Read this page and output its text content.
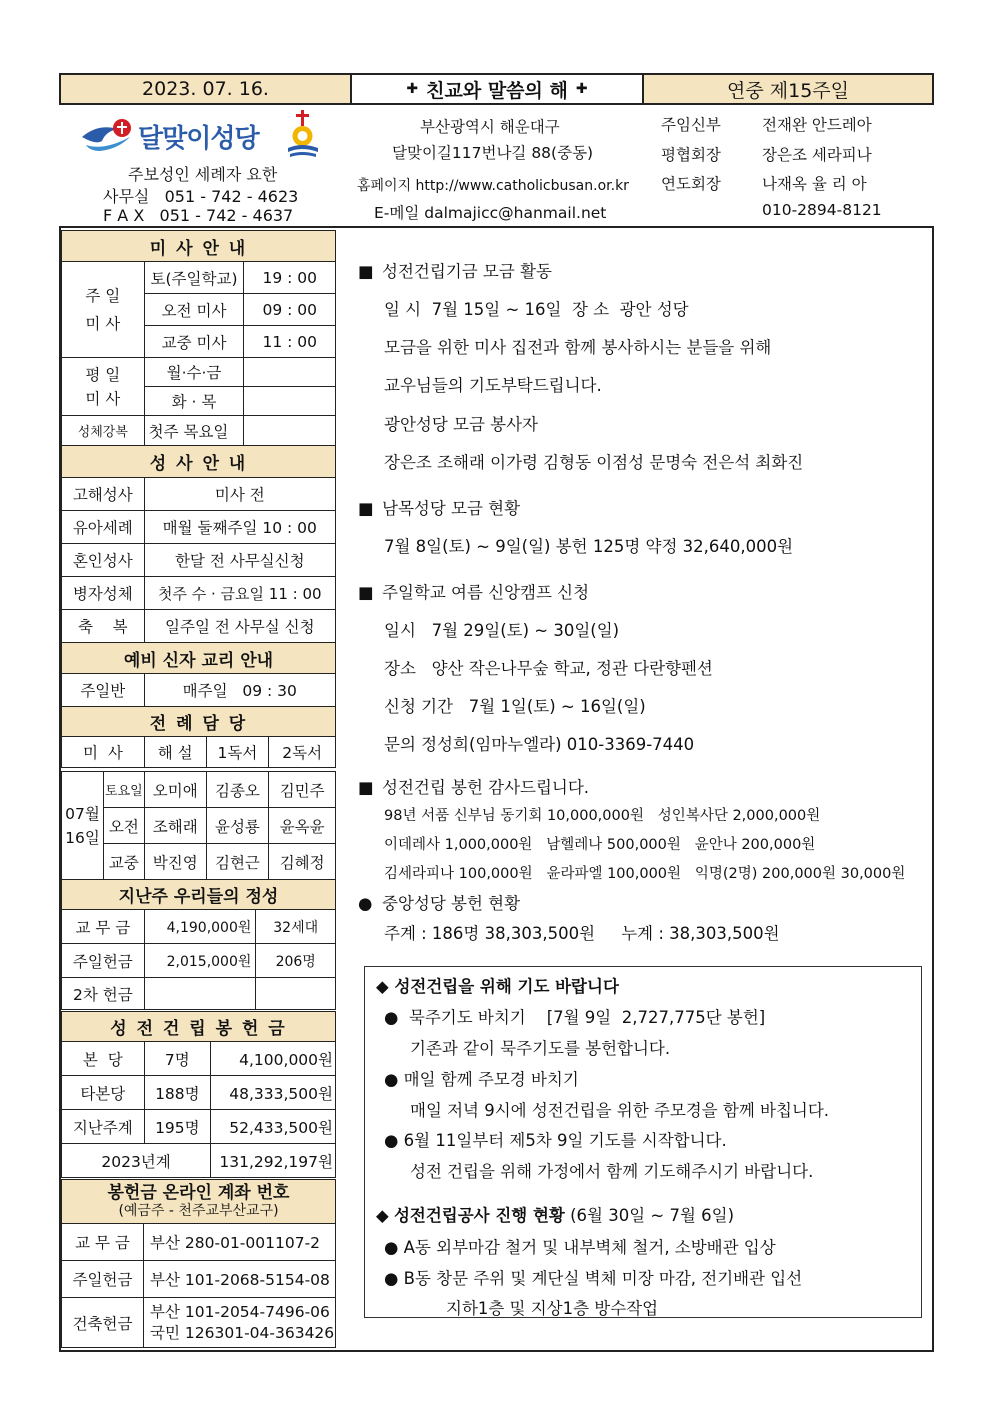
2023. 07. 16.	✚ 친교와 말씀의 해 ✚	연중 제15주일
달맞이성당
주보성인 세례자 요한
사무실   051 - 742 - 4623
F A X   051 - 742 - 4637
부산광역시 해운대구
달맞이길117번나길 88(중동)
홈페이지 http://www.catholicbusan.or.kr
E-메일 dalmajicc@hanmail.net
주임신부	전재완 안드레아
평협회장	장은조 세라피나
연도회장	나재옥 율 리 아
010-2894-8121
미 사 안 내		
주 일
미 사	토(주일학교)	19 : 00
	오전 미사	09 : 00
	교중 미사	11 : 00
평 일
미 사	월·수·금	
	화 · 목	
성체강복	첫주 목요일	
성 사 안 내	
고해성사	미사 전
유아세례	매월 둘째주일 10 : 00
혼인성사	한달 전 사무실신청
병자성체	첫주 수 · 금요일 11 : 00
축    복	일주일 전 사무실 신청
예비 신자 교리 안내	
주일반	매주일   09 : 30
전 례 담 당				
미  사		해 설	1독서	2독서

07월
16일	토요일	오미애	김종오	김민주
	오전	조해래	윤성룡	윤옥윤
	교중	박진영	김현근	김혜정
지난주 우리들의 정성		
교 무 금	4,190,000원	32세대
주일헌금	2,015,000원	206명
2차 헌금		
성 전 건 립 봉 헌 금		
본  당	7명	4,100,000원
타본당	188명	48,333,500원
지난주계	195명	52,433,500원
2023년계		131,292,197원
봉헌금 온라인 계좌 번호
(예금주 - 천주교부산교구)	

교 무 금	부산 280-01-001107-2
주일헌금	부산 101-2068-5154-08
건축헌금	부산 101-2054-7496-06
국민 126301-04-363426
■ 성전건립기금 모금 활동
일 시  7월 15일 ~ 16일  장 소  광안 성당
모금을 위한 미사 집전과 함께 봉사하시는 분들을 위해
교우님들의 기도부탁드립니다.
광안성당 모금 봉사자
장은조 조해래 이가령 김형동 이점성 문명숙 전은석 최화진
■ 남목성당 모금 현황
7월 8일(토) ~ 9일(일) 봉헌 125명 약정 32,640,000원
■ 주일학교 여름 신앙캠프 신청
일시   7월 29일(토) ~ 30일(일)
장소   양산 작은나무숲 학교, 정관 다란향펜션
신청 기간   7월 1일(토) ~ 16일(일)
문의 정성희(임마누엘라) 010-3369-7440
■ 성전건립 봉헌 감사드립니다.
98년 서품 신부님 동기회 10,000,000원   성인복사단 2,000,000원
이데레사 1,000,000원   남헬레나 500,000원   윤안나 200,000원
김세라피나 100,000원   윤라파엘 100,000원   익명(2명) 200,000원 30,000원
● 중앙성당 봉헌 현황
주계 : 186명 38,303,500원     누계 : 38,303,500원
◆ 성전건립을 위해 기도 바랍니다
●  묵주기도 바치기    [7월 9일  2,727,775단 봉헌]
기존과 같이 묵주기도를 봉헌합니다.
● 매일 함께 주모경 바치기
매일 저녁 9시에 성전건립을 위한 주모경을 함께 바칩니다.
● 6월 11일부터 제5차 9일 기도를 시작합니다.
성전 건립을 위해 가정에서 함께 기도해주시기 바랍니다.
◆ 성전건립공사 진행 현황 (6월 30일 ~ 7월 6일)
● A동 외부마감 철거 및 내부벽체 철거, 소방배관 입상
● B동 창문 주위 및 계단실 벽체 미장 마감, 전기배관 입선
지하1층 및 지상1층 방수작업
